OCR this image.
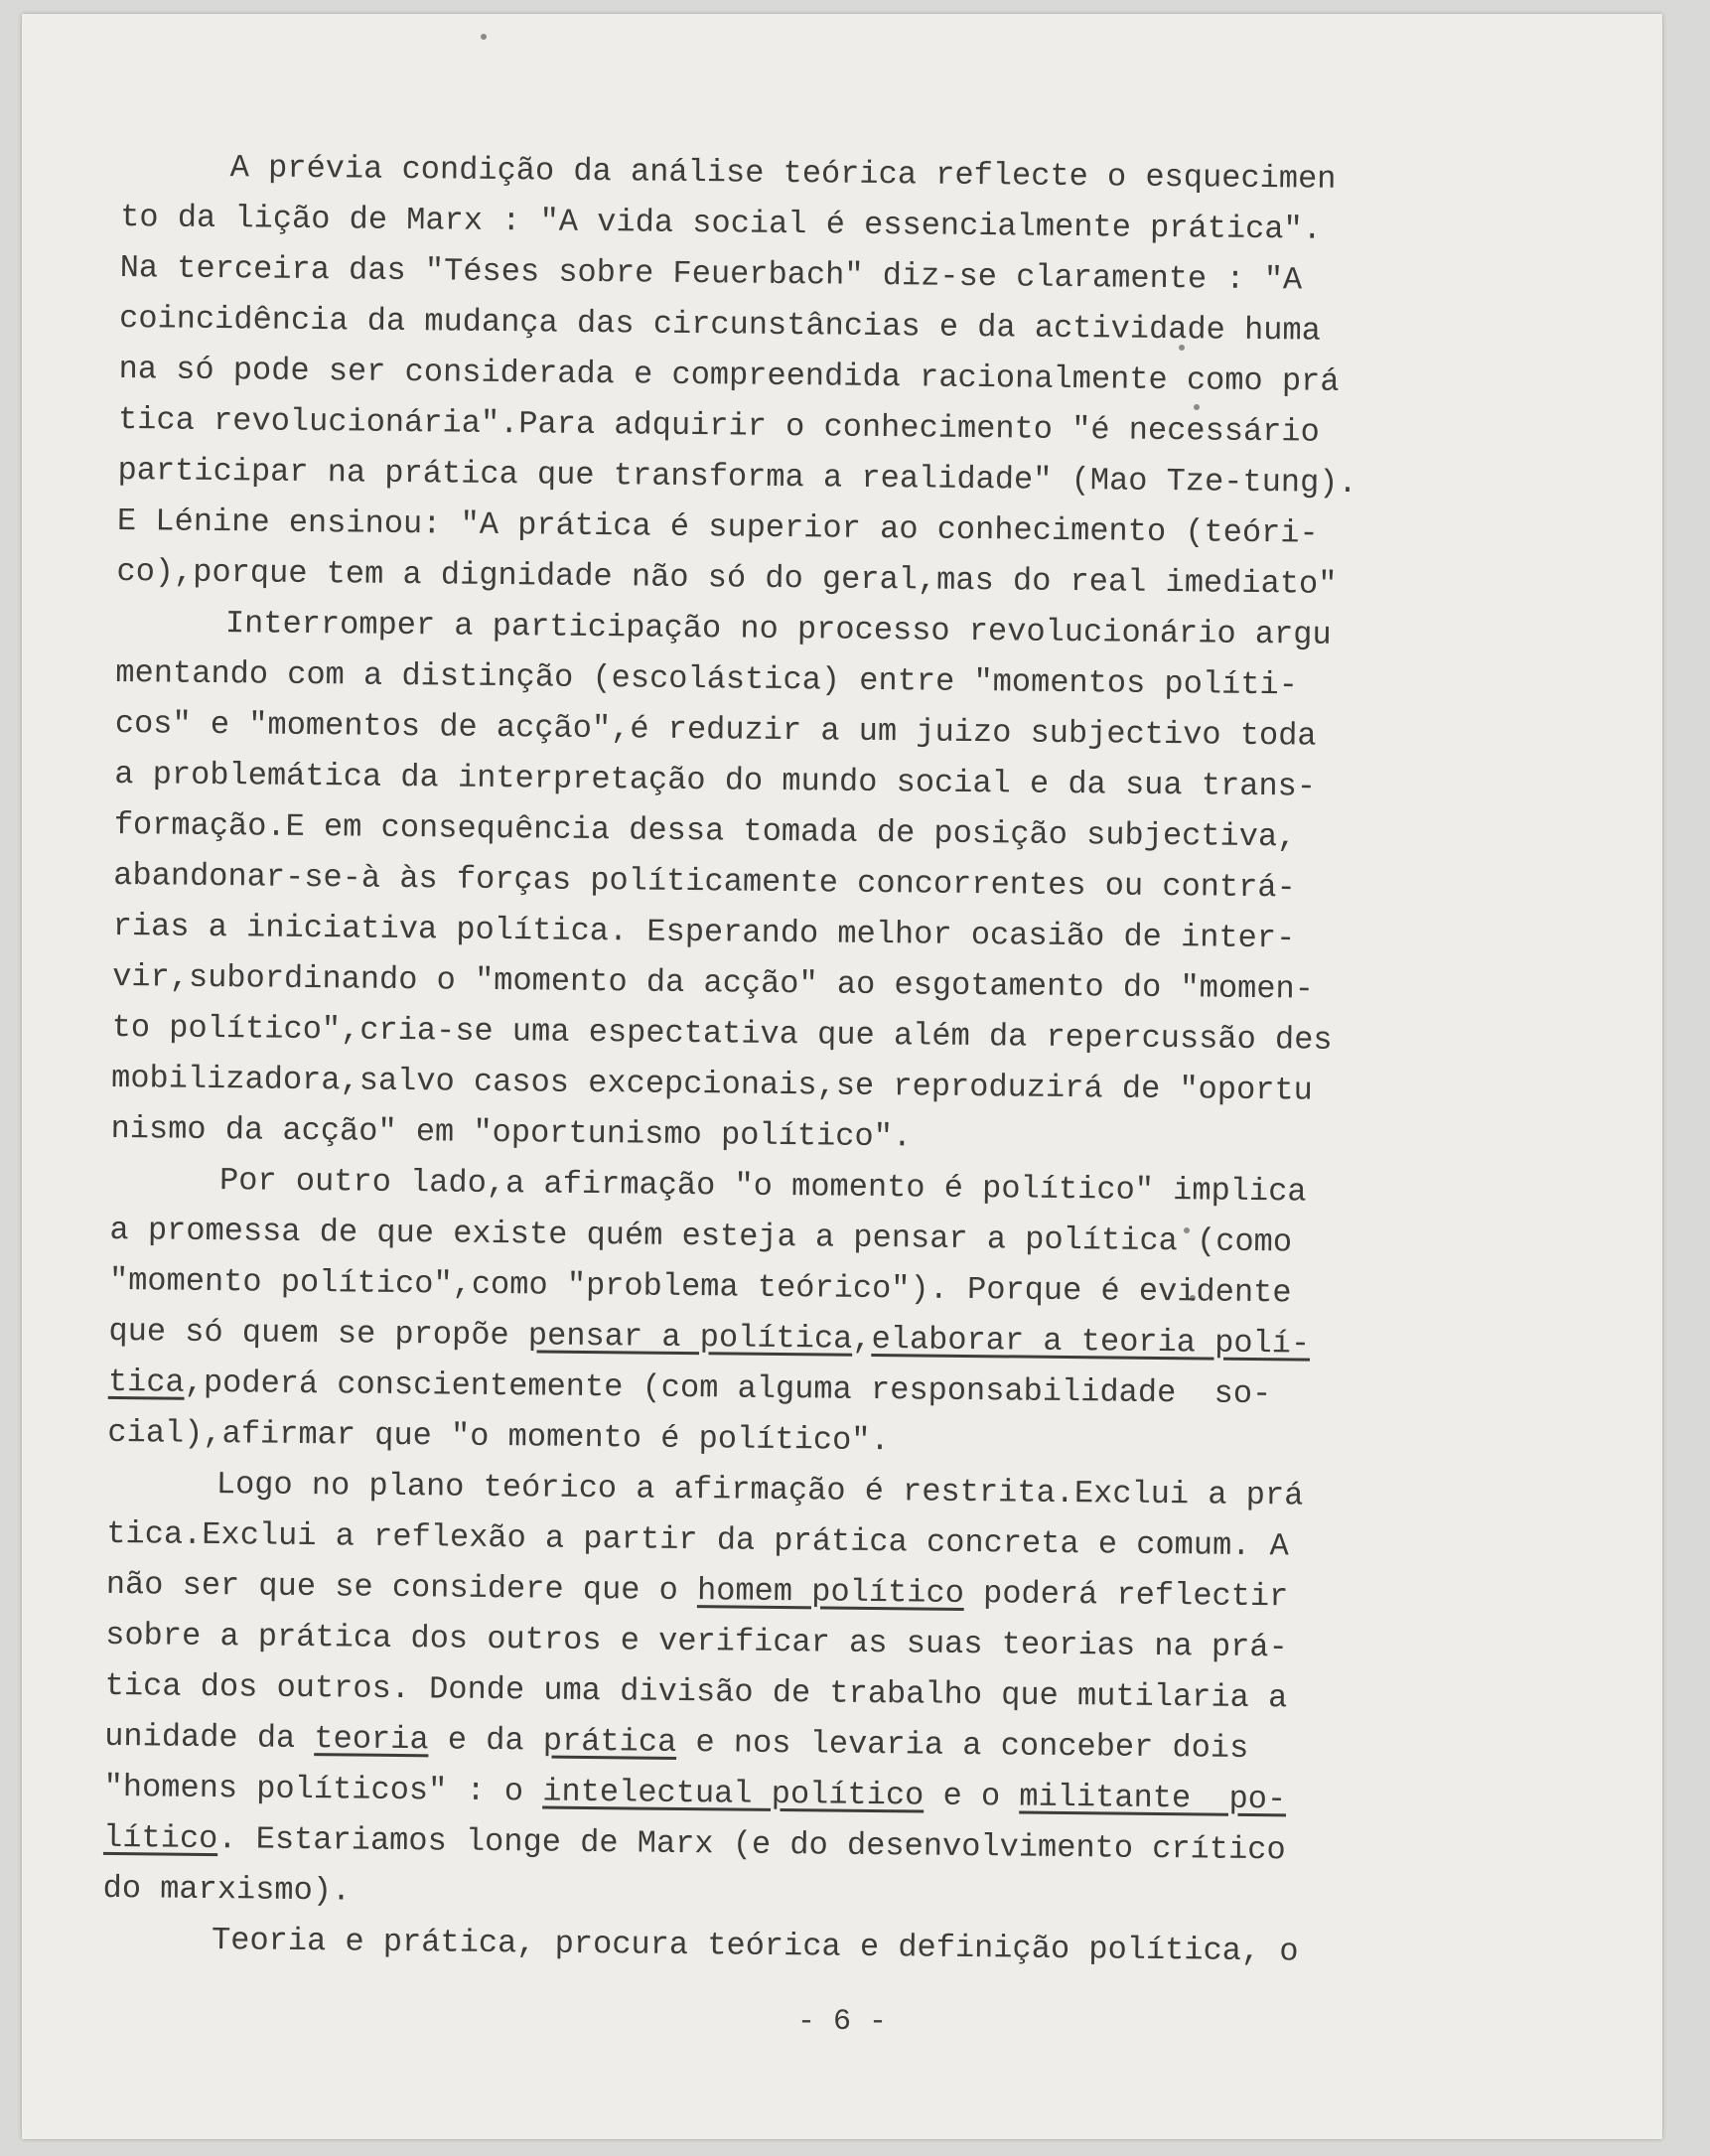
A prévia condição da análise teórica reflecte o esquecimen
to da lição de Marx : "A vida social é essencialmente prática".
Na terceira das "Téses sobre Feuerbach" diz-se claramente : "A
coincidência da mudança das circunstâncias e da actividade huma
na só pode ser considerada e compreendida racionalmente como prá
tica revolucionária".Para adquirir o conhecimento "é necessário
participar na prática que transforma a realidade" (Mao Tze-tung).
E Lénine ensinou: "A prática é superior ao conhecimento (teóri-
co),porque tem a dignidade não só do geral,mas do real imediato"

Interromper a participação no processo revolucionário argu
mentando com a distinção (escolástica) entre "momentos políti-
cos" e "momentos de acção",é reduzir a um juizo subjectivo toda
a problemática da interpretação do mundo social e da sua trans-
formação.E em consequência dessa tomada de posição subjectiva,
abandonar-se-à às forças políticamente concorrentes ou contrá-
rias a iniciativa política. Esperando melhor ocasião de inter-
vir,subordinando o "momento da acção" ao esgotamento do "momen-
to político",cria-se uma espectativa que além da repercussão des
mobilizadora,salvo casos excepcionais,se reproduzirá de "oportu
nismo da acção" em "oportunismo político".

Por outro lado,a afirmação "o momento é político" implica
a promessa de que existe quém esteja a pensar a política (como
"momento político",como "problema teórico"). Porque é evidente
que só quem se propõe pensar a política,elaborar a teoria polí-
tica,poderá conscientemente (com alguma responsabilidade  so-
cial),afirmar que "o momento é político".

Logo no plano teórico a afirmação é restrita.Exclui a prá
tica.Exclui a reflexão a partir da prática concreta e comum. A
não ser que se considere que o homem político poderá reflectir
sobre a prática dos outros e verificar as suas teorias na prá-
tica dos outros. Donde uma divisão de trabalho que mutilaria a
unidade da teoria e da prática e nos levaria a conceber dois
"homens políticos" : o intelectual político e o militante  po-
lítico. Estariamos longe de Marx (e do desenvolvimento crítico
do marxismo).

Teoria e prática, procura teórica e definição política, o

- 6 -
